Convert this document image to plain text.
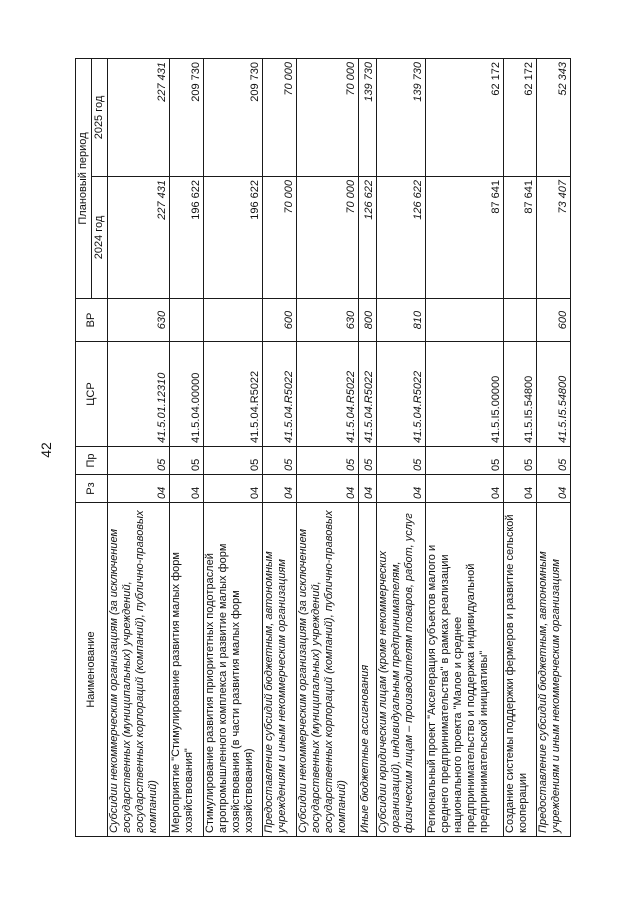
42
Наименование	Рз	Пр	ЦСР	ВР	Плановый период	
					2024 год	2025 год
Субсидии некоммерческим организациям (за исключением государственных (муниципальных) учреждений, государственных корпораций (компаний), публично-правовых компаний)	04	05	41.5.01.12310	630	227 431	227 431
Мероприятие "Стимулирование развития малых форм хозяйствования"	04	05	41.5.04.00000		196 622	209 730
Стимулирование развития приоритетных подотраслей агропромышленного комплекса и развитие малых форм хозяйствования (в части развития малых форм хозяйствования)	04	05	41.5.04.R5022		196 622	209 730
Предоставление субсидий бюджетным, автономным учреждениям и иным некоммерческим организациям	04	05	41.5.04.R5022	600	70 000	70 000
Субсидии некоммерческим организациям (за исключением государственных (муниципальных) учреждений, государственных корпораций (компаний), публично-правовых компаний)	04	05	41.5.04.R5022	630	70 000	70 000
Иные бюджетные ассигнования	04	05	41.5.04.R5022	800	126 622	139 730
Субсидии юридическим лицам (кроме некоммерческих организаций), индивидуальным предпринимателям, физическим лицам – производителям товаров, работ, услуг	04	05	41.5.04.R5022	810	126 622	139 730
Региональный проект "Акселерация субъектов малого и среднего предпринимательства" в рамках реализации национального проекта "Малое и среднее предпринимательство и поддержка индивидуальной предпринимательской инициативы"	04	05	41.5.I5.00000		87 641	62 172
Создание системы поддержки фермеров и развитие сельской кооперации	04	05	41.5.I5.54800		87 641	62 172
Предоставление субсидий бюджетным, автономным учреждениям и иным некоммерческим организациям	04	05	41.5.I5.54800	600	73 407	52 343
